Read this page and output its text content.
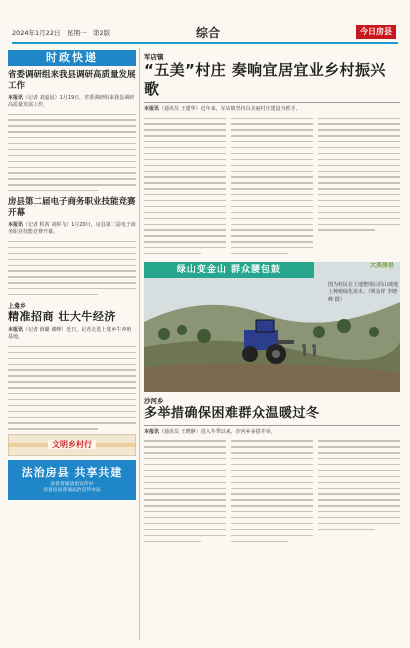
2024年1月22日　星期一　第2版	综合	今日房县
时政快递
省委调研组来我县调研高质量发展工作
本报讯（记者 刘嘉晨）1月19日，省委调研组来我县调研高质量发展工作，
房县第二届电子商务职业技能竞赛开幕
本报讯（记者 程茜 刘婷飞）1月20日，房县第二届电子商务职业技能竞赛开幕。
上龛乡
精准招商 壮大牛经济
本报讯（记者 薛璐 谢峰）近日，记者走进上龛乡牛养殖基地，
文明乡村行
法治房县 共享共建
房县普通法治宣传办
房县房县普通法治宣传办法
军店镇
“五美”村庄 奏响宜居宜业乡村振兴歌
本报讯（通讯员 王建华）近年来，军店镇坚持以美丽村庄建设为抓手，
绿山变金山 群众腰包鼓	大美房县
图为村民在土地整理后的山坡地上种植绿化苗木。（明金祥 李晓峰 摄）
沙河乡
多举措确保困难群众温暖过冬
本报讯（通讯员 王晓静）进入冬季以来，沙河乡多措并举，
